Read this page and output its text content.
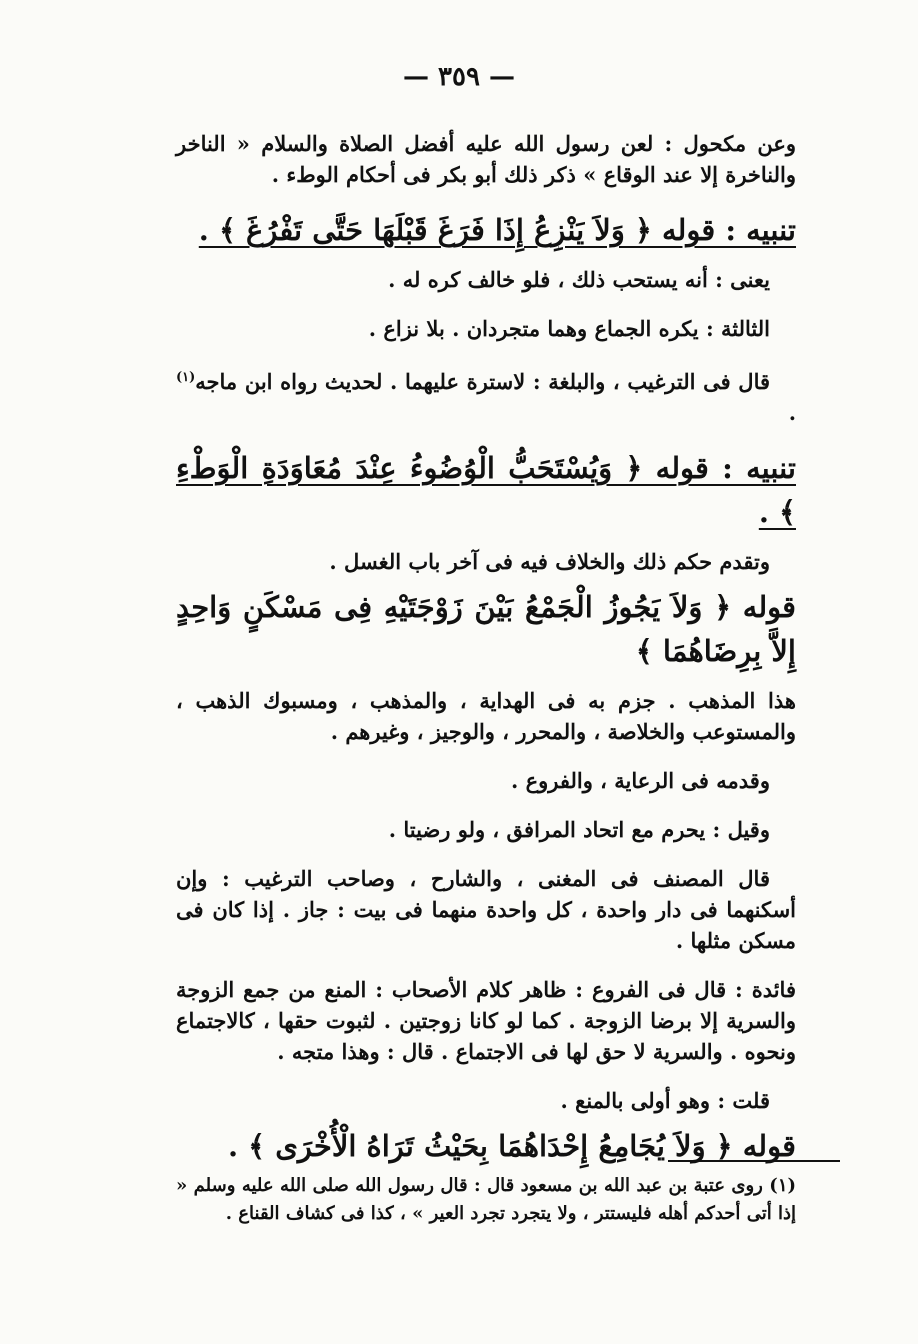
— ٣٥٩ —

وعن مكحول : لعن رسول الله عليه أفضل الصلاة والسلام « الناخر والناخرة إلا عند الوقاع » ذكر ذلك أبو بكر فى أحكام الوطء .

تنبيه : قوله ﴿ وَلاَ يَنْزِعُ إِذَا فَرَغَ قَبْلَهَا حَتَّى تَفْرُغَ ﴾ .

يعنى : أنه يستحب ذلك ، فلو خالف كره له .

الثالثة : يكره الجماع وهما متجردان . بلا نزاع .

قال فى الترغيب ، والبلغة : لاسترة عليهما . لحديث رواه ابن ماجه$^{(١)}$ .

تنبيه : قوله ﴿ وَيُسْتَحَبُّ الْوُضُوءُ عِنْدَ مُعَاوَدَةِ الْوَطْءِ ﴾ .

وتقدم حكم ذلك والخلاف فيه فى آخر باب الغسل .

قوله ﴿ وَلاَ يَجُوزُ الْجَمْعُ بَيْنَ زَوْجَتَيْهِ فِى مَسْكَنٍ وَاحِدٍ إِلاَّ بِرِضَاهُمَا ﴾

هذا المذهب . جزم به فى الهداية ، والمذهب ، ومسبوك الذهب ، والمستوعب والخلاصة ، والمحرر ، والوجيز ، وغيرهم .

وقدمه فى الرعاية ، والفروع .

وقيل : يحرم مع اتحاد المرافق ، ولو رضيتا .

قال المصنف فى المغنى ، والشارح ، وصاحب الترغيب : وإن أسكنهما فى دار واحدة ، كل واحدة منهما فى بيت : جاز . إذا كان فى مسكن مثلها .

فائدة : قال فى الفروع : ظاهر كلام الأصحاب : المنع من جمع الزوجة والسرية إلا برضا الزوجة . كما لو كانا زوجتين . لثبوت حقها ، كالاجتماع ونحوه . والسرية لا حق لها فى الاجتماع . قال : وهذا متجه .

قلت : وهو أولى بالمنع .

قوله ﴿ وَلاَ يُجَامِعُ إِحْدَاهُمَا بِحَيْثُ تَرَاهُ الْأُخْرَى ﴾ .

(١) روى عتبة بن عبد الله بن مسعود قال : قال رسول الله صلى الله عليه وسلم « إذا أتى أحدكم أهله فليستتر ، ولا يتجرد تجرد العير » ، كذا فى كشاف القناع .
